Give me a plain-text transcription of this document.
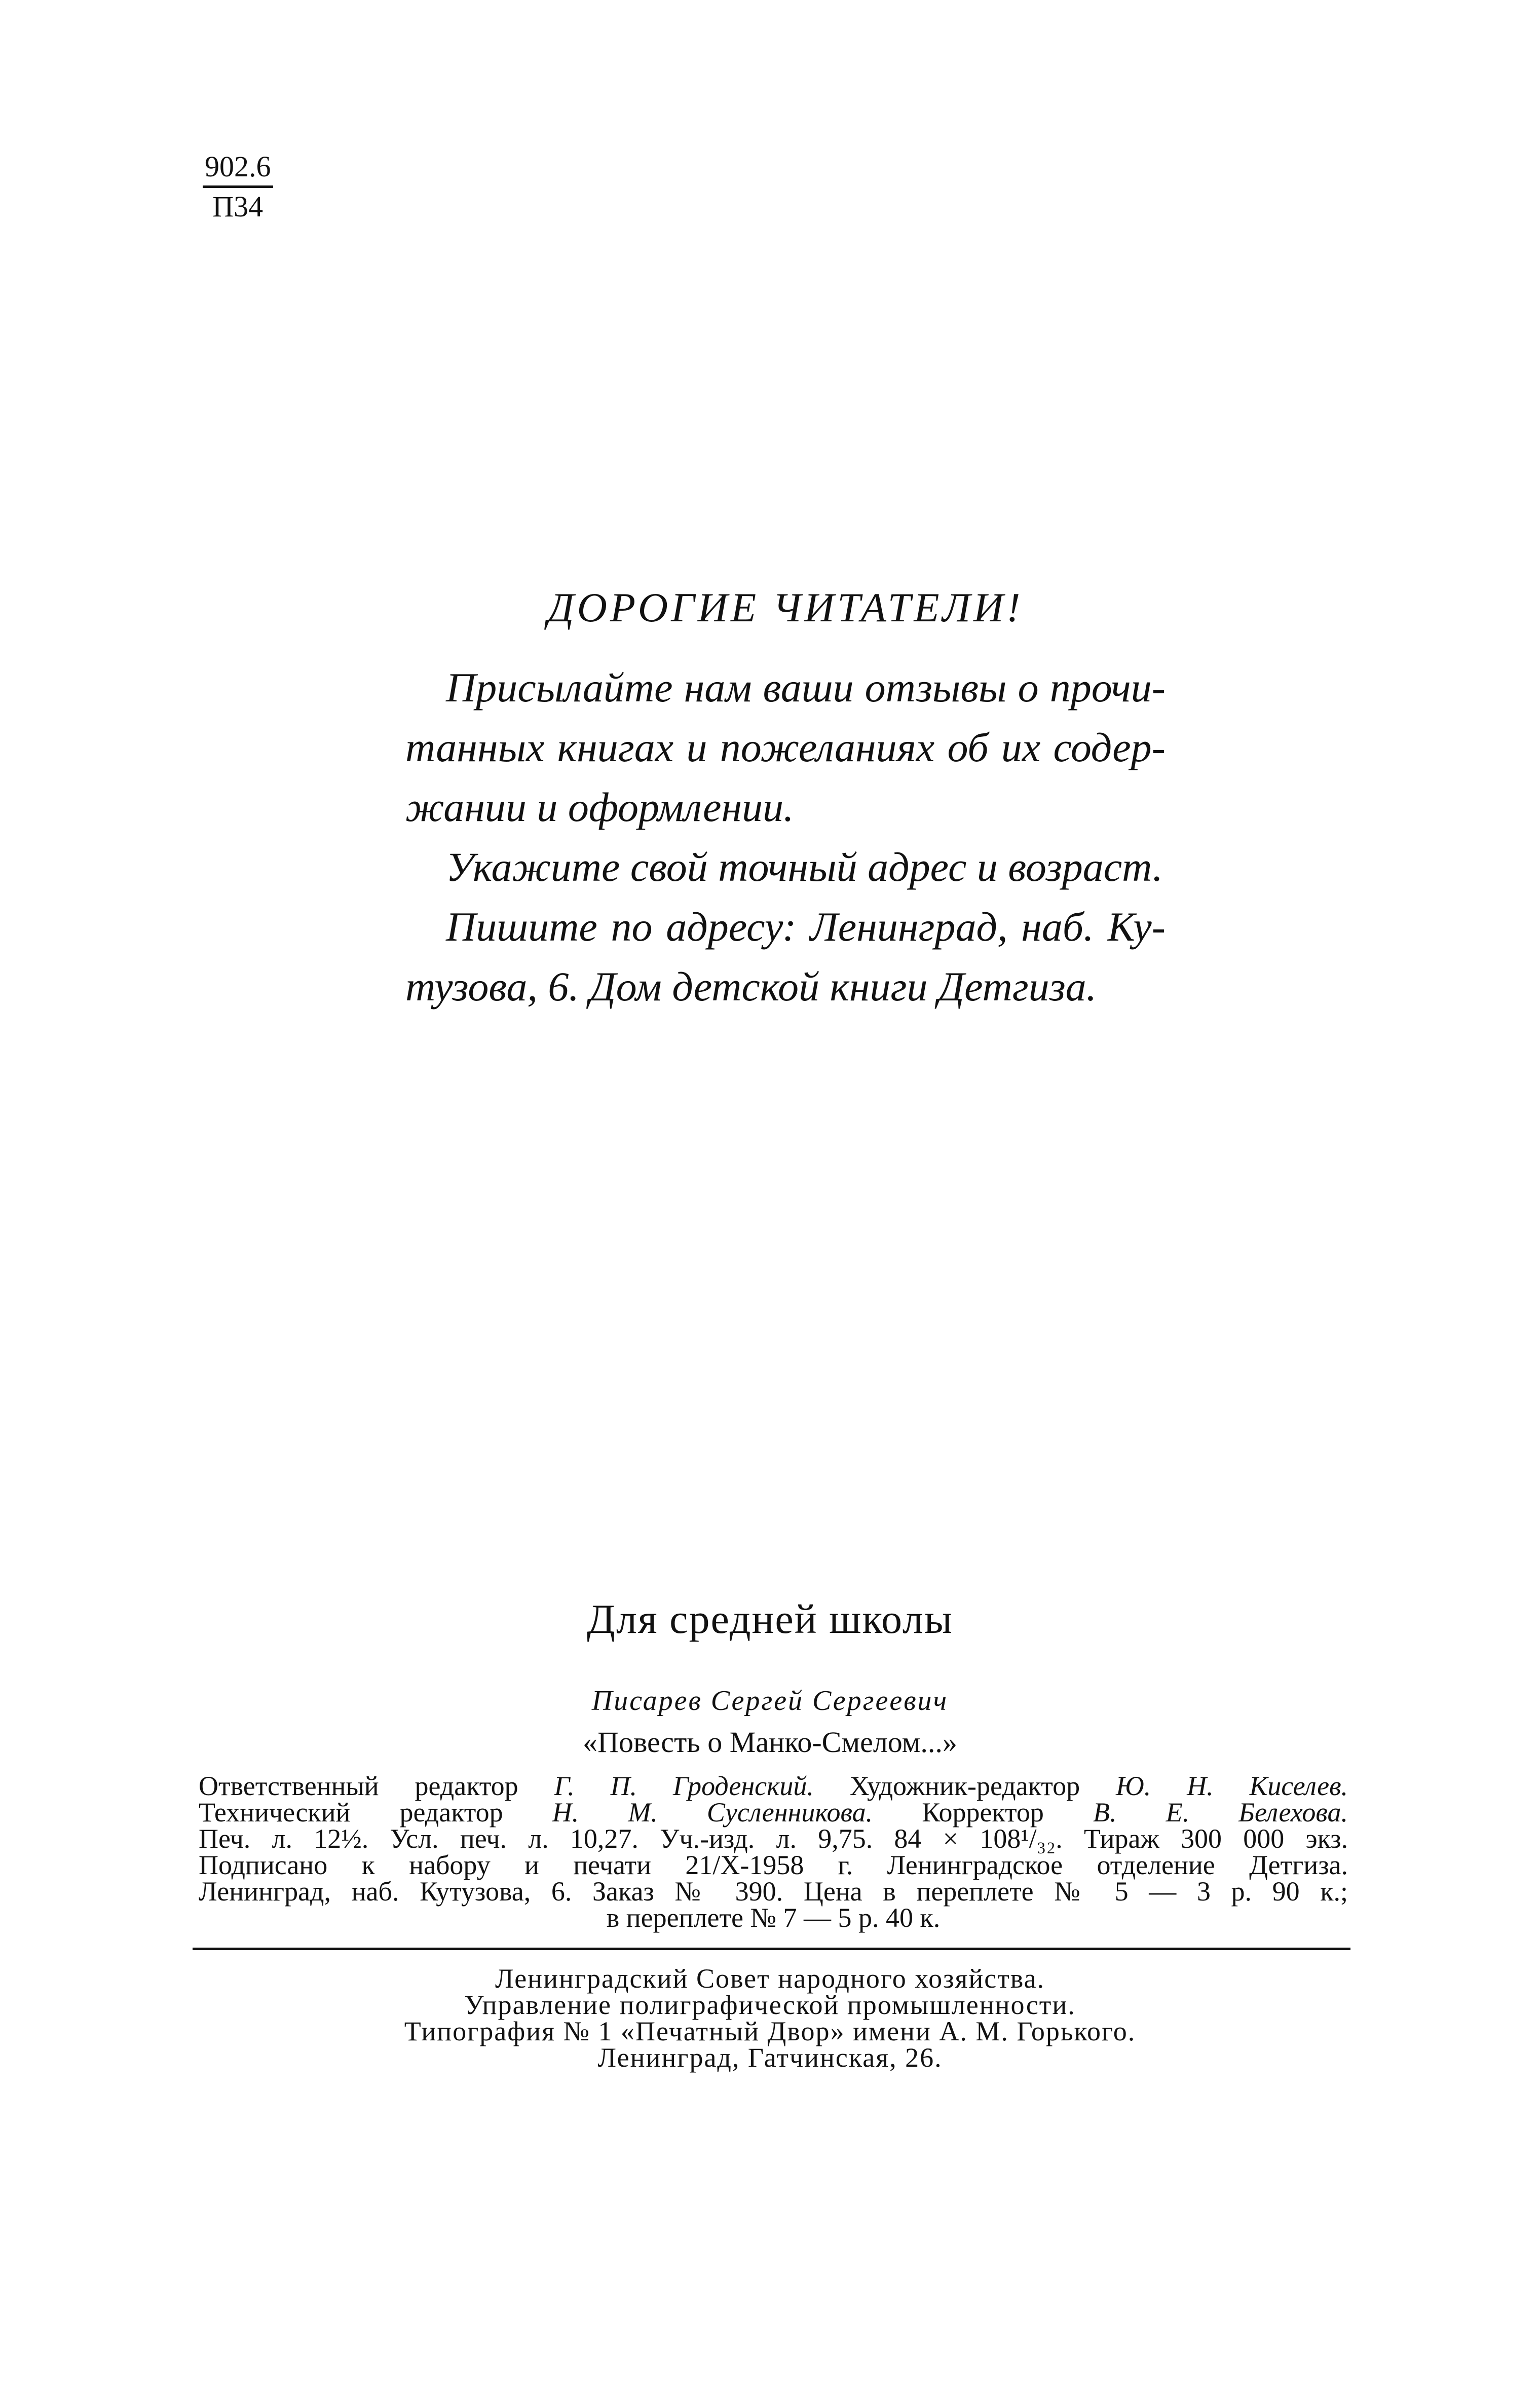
902.6
П34
ДОРОГИЕ ЧИТАТЕЛИ!

Присылайте нам ваши отзывы о прочи-танных книгах и пожеланиях об их содер-жании и оформлении.

Укажите свой точный адрес и возраст.

Пишите по адресу: Ленинград, наб. Ку-тузова, 6. Дом детской книги Детгиза.

Для средней школы
Писарев Сергей Сергеевич
«Повесть о Манко-Смелом...»
Ответственный редактор Г. П. Гроденский. Художник-редактор Ю. Н. Киселев.
Технический редактор Н. М. Сусленникова. Корректор В. Е. Белехова.
Печ. л. 12½. Усл. печ. л. 10,27. Уч.-изд. л. 9,75. 84 × 108¹/₃₂. Тираж 300 000 экз.
Подписано к набору и печати 21/X-1958 г. Ленинградское отделение Детгиза.
Ленинград, наб. Кутузова, 6. Заказ № 390. Цена в переплете № 5 — 3 р. 90 к.;
в переплете № 7 — 5 р. 40 к.
Ленинградский Совет народного хозяйства.
Управление полиграфической промышленности.
Типография № 1 «Печатный Двор» имени А. М. Горького.
Ленинград, Гатчинская, 26.
